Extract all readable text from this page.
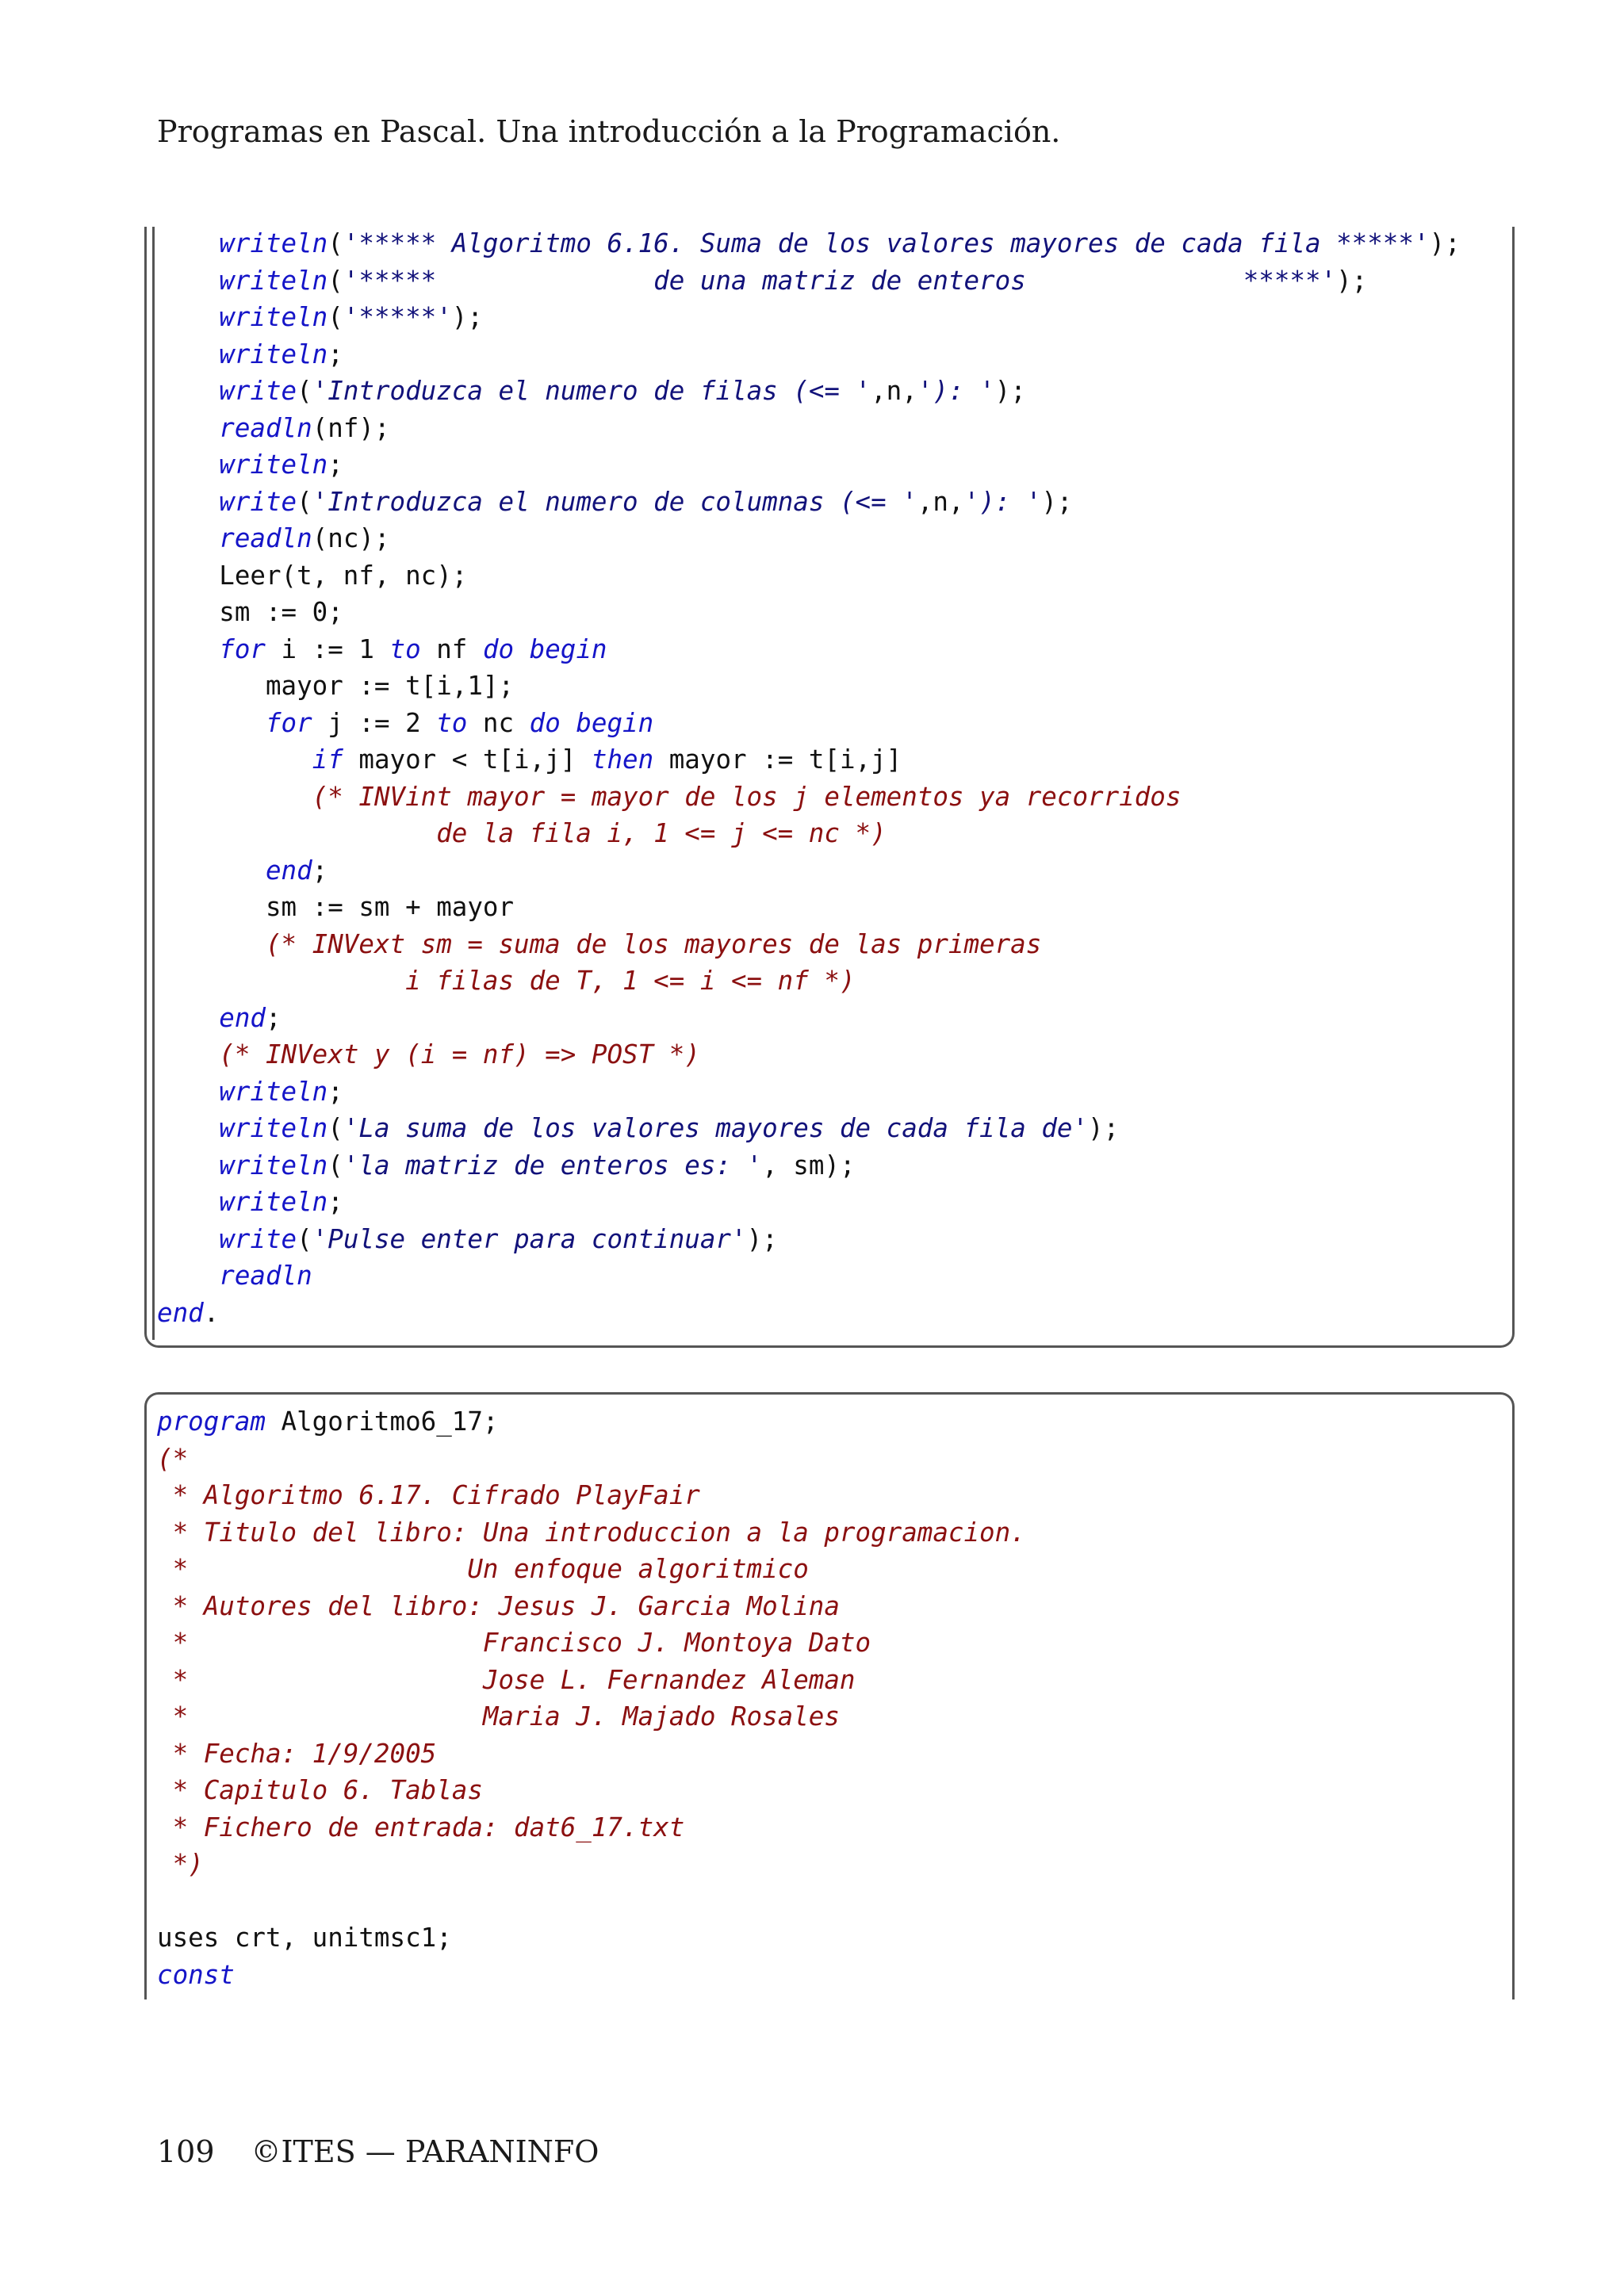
Programas en Pascal. Una introducción a la Programación.
writeln('***** Algoritmo 6.16. Suma de los valores mayores de cada fila *****');
writeln('*****              de una matriz de enteros              *****');
writeln('*****');
writeln;
write('Introduzca el numero de filas (<= ',n,'): ');
readln(nf);
writeln;
write('Introduzca el numero de columnas (<= ',n,'): ');
readln(nc);
Leer(t, nf, nc);
sm := 0;
for i := 1 to nf do begin
mayor := t[i,1];
for j := 2 to nc do begin
if mayor < t[i,j] then mayor := t[i,j]
(* INVint mayor = mayor de los j elementos ya recorridos
de la fila i, 1 <= j <= nc *)
end;
sm := sm + mayor
(* INVext sm = suma de los mayores de las primeras
i filas de T, 1 <= i <= nf *)
end;
(* INVext y (i = nf) => POST *)
writeln;
writeln('La suma de los valores mayores de cada fila de');
writeln('la matriz de enteros es: ', sm);
writeln;
write('Pulse enter para continuar');
readln
end.
program Algoritmo6_17;
(*
* Algoritmo 6.17. Cifrado PlayFair
* Titulo del libro: Una introduccion a la programacion.
*                  Un enfoque algoritmico
* Autores del libro: Jesus J. Garcia Molina
*                   Francisco J. Montoya Dato
*                   Jose L. Fernandez Aleman
*                   Maria J. Majado Rosales
* Fecha: 1/9/2005
* Capitulo 6. Tablas
* Fichero de entrada: dat6_17.txt
*)
uses crt, unitmsc1;
const
109 ©ITES — PARANINFO
